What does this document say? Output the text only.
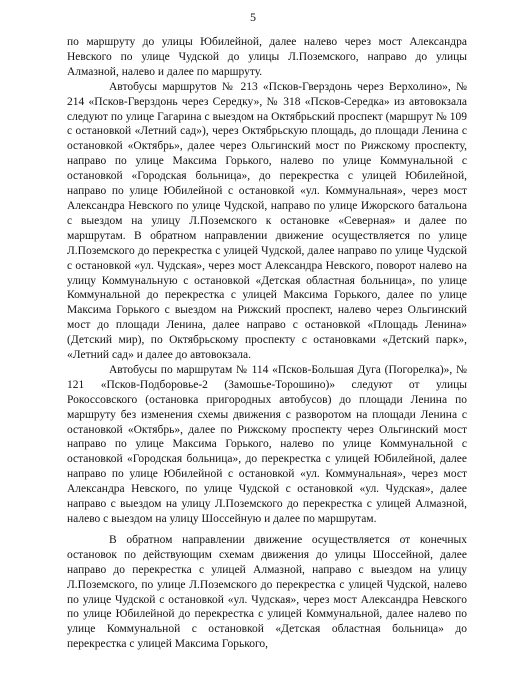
5

по маршруту до улицы Юбилейной, далее налево через мост Александра Невского по улице Чудской до улицы Л.Поземского, направо до улицы Алмазной, налево и далее по маршруту.

Автобусы маршрутов № 213 «Псков-Гверздонь через Верхолино», № 214 «Псков-Гверздонь через Середку», № 318 «Псков-Середка» из автовокзала следуют по улице Гагарина с выездом на Октябрьский проспект (маршрут № 109 с остановкой «Летний сад»), через Октябрьскую площадь, до площади Ленина с остановкой «Октябрь», далее через Ольгинский мост по Рижскому проспекту, направо по улице Максима Горького, налево по улице Коммунальной с остановкой «Городская больница», до перекрестка с улицей Юбилейной, направо по улице Юбилейной с остановкой «ул. Коммунальная», через мост Александра Невского по улице Чудской, направо по улице Ижорского батальона с выездом на улицу Л.Поземского к остановке «Северная» и далее по маршрутам. В обратном направлении движение осуществляется по улице Л.Поземского до перекрестка с улицей Чудской, далее направо по улице Чудской с остановкой «ул. Чудская», через мост Александра Невского, поворот налево на улицу Коммунальную с остановкой «Детская областная больница», по улице Коммунальной до перекрестка с улицей Максима Горького, далее по улице Максима Горького с выездом на Рижский проспект, налево через Ольгинский мост до площади Ленина, далее направо с остановкой «Площадь Ленина» (Детский мир), по Октябрьскому проспекту с остановками «Детский парк», «Летний сад» и далее до автовокзала.

Автобусы по маршрутам № 114 «Псков-Большая Дуга (Погорелка)», № 121 «Псков-Подборовье-2 (Замошье-Торошино)» следуют от улицы Рокоссовского (остановка пригородных автобусов) до площади Ленина по маршруту без изменения схемы движения с разворотом на площади Ленина с остановкой «Октябрь», далее по Рижскому проспекту через Ольгинский мост направо по улице Максима Горького, налево по улице Коммунальной с остановкой «Городская больница», до перекрестка с улицей Юбилейной, далее направо по улице Юбилейной с остановкой «ул. Коммунальная», через мост Александра Невского, по улице Чудской с остановкой «ул. Чудская», далее направо с выездом на улицу Л.Поземского до перекрестка с улицей Алмазной, налево с выездом на улицу Шоссейную и далее по маршрутам.

В обратном направлении движение осуществляется от конечных остановок по действующим схемам движения до улицы Шоссейной, далее направо до перекрестка с улицей Алмазной, направо с выездом на улицу Л.Поземского, по улице Л.Поземского до перекрестка с улицей Чудской, налево по улице Чудской с остановкой «ул. Чудская», через мост Александра Невского по улице Юбилейной до перекрестка с улицей Коммунальной, далее налево по улице Коммунальной с остановкой «Детская областная больница» до перекрестка с улицей Максима Горького,
